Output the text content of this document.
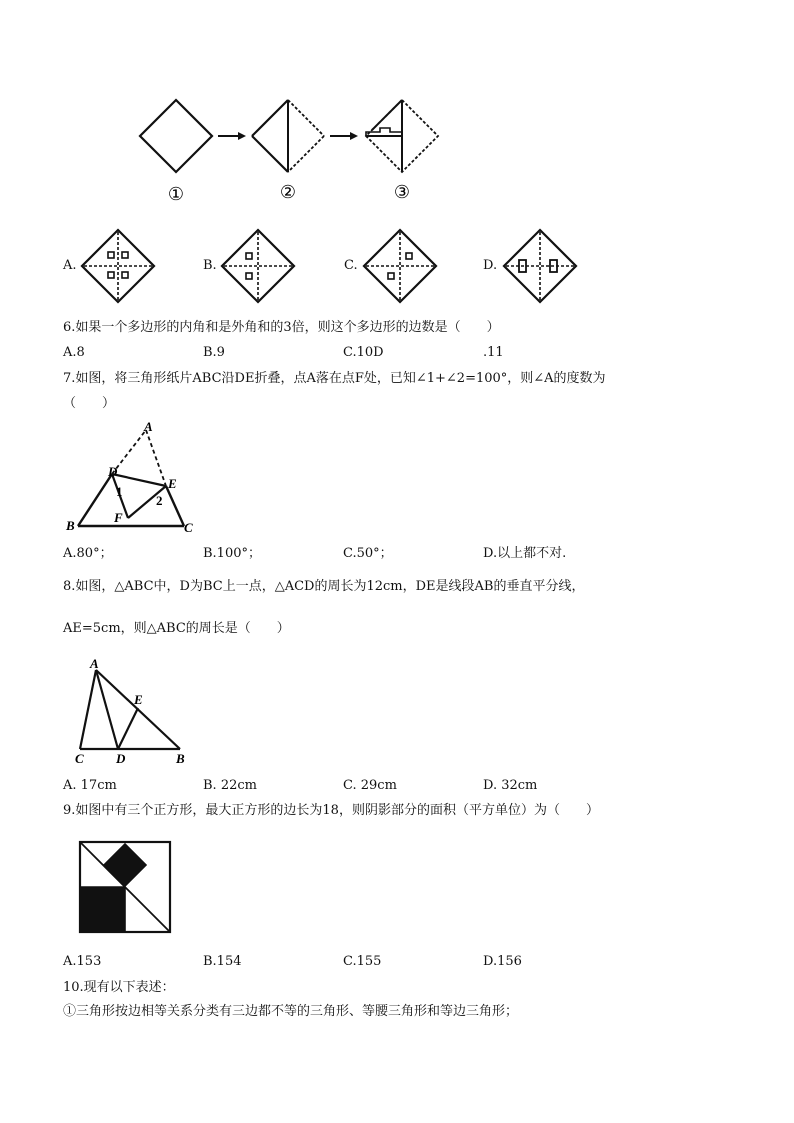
①	②	③
A.	B.	C.	D.
6.如果一个多边形的内角和是外角和的3倍，则这个多边形的边数是（　　）
A.8	B.9	C.10D	.11
7.如图，将三角形纸片ABC沿DE折叠，点A落在点F处，已知∠1+∠2=100°，则∠A的度数为
（　　）
A
B	C
D
E
F
1
2
A.80°；	B.100°；	C.50°；	D.以上都不对.
8.如图，△ABC中，D为BC上一点，△ACD的周长为12cm，DE是线段AB的垂直平分线，
AE=5cm，则△ABC的周长是（　　）
A
C D	B
E
A. 17cm	B. 22cm	C. 29cm	D. 32cm
9.如图中有三个正方形，最大正方形的边长为18，则阴影部分的面积（平方单位）为（　　）
A.153	B.154	C.155	D.156
10.现有以下表述：
①三角形按边相等关系分类有三边都不等的三角形、等腰三角形和等边三角形；
